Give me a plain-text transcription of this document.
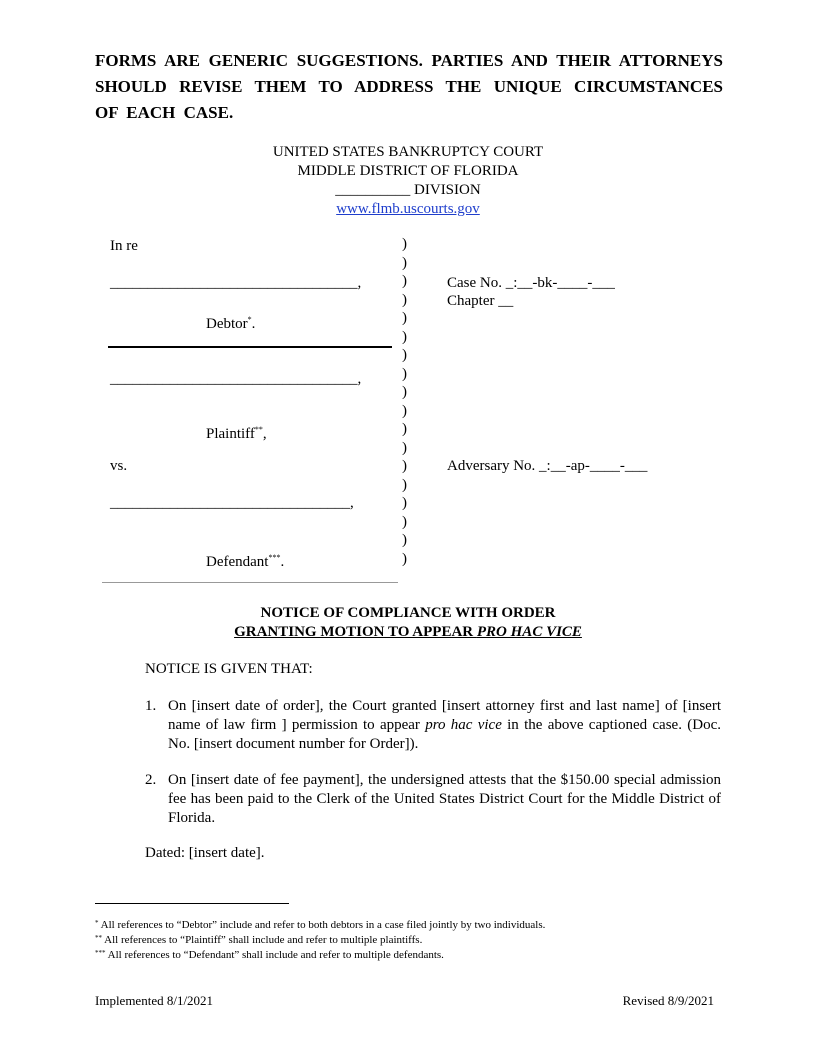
FORMS ARE GENERIC SUGGESTIONS. PARTIES AND THEIR ATTORNEYS SHOULD REVISE THEM TO ADDRESS THE UNIQUE CIRCUMSTANCES OF EACH CASE.
UNITED STATES BANKRUPTCY COURT
MIDDLE DISTRICT OF FLORIDA
__________ DIVISION
www.flmb.uscourts.gov
In re
_________________________________,
Debtor*.
_________________________________,
Plaintiff**,
vs.
________________________________,
Defendant***.
)
)
)
)
)
)
)
)
)
)
)
)
)
)
)
)
)
)
Case No. _:__-bk-____-___
Chapter __
Adversary No. _:__-ap-____-___
NOTICE OF COMPLIANCE WITH ORDER
GRANTING MOTION TO APPEAR PRO HAC VICE
NOTICE IS GIVEN THAT:
1. On [insert date of order], the Court granted [insert attorney first and last name] of [insert name of law firm ] permission to appear pro hac vice in the above captioned case. (Doc. No. [insert document number for Order]).
2. On [insert date of fee payment], the undersigned attests that the $150.00 special admission fee has been paid to the Clerk of the United States District Court for the Middle District of Florida.
Dated: [insert date].
* All references to “Debtor” include and refer to both debtors in a case filed jointly by two individuals.
** All references to “Plaintiff” shall include and refer to multiple plaintiffs.
*** All references to “Defendant” shall include and refer to multiple defendants.
Implemented 8/1/2021	Revised 8/9/2021
